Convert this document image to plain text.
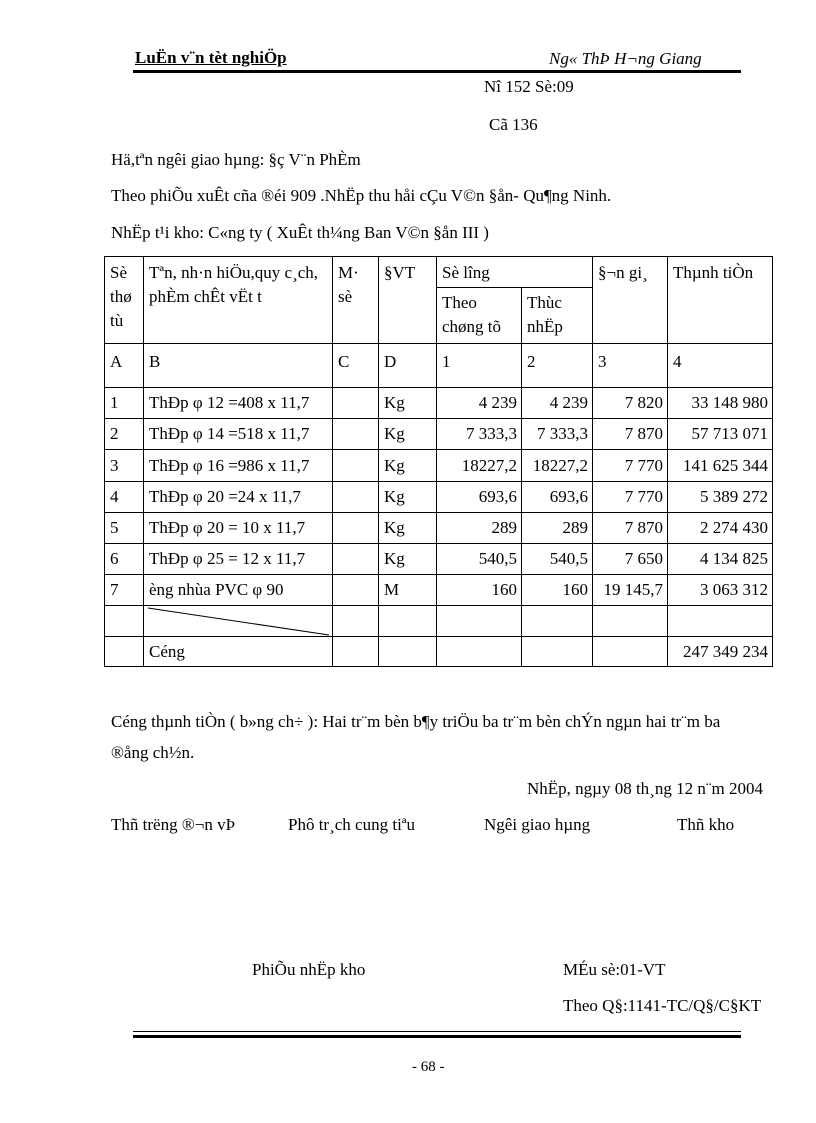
LuËn v¨n tèt nghiÖp	Ng« ThÞ H¬ng Giang
Nî 152 Sè:09
Cã 136
Hä,tªn ngêi giao hµng: §ç V¨n PhÈm
Theo phiÕu xuÊt cña ®éi 909 .NhËp thu håi cÇu V©n §ån- Qu¶ng Ninh.
NhËp t¹i kho: C«ng ty ( XuÊt th¼ng Ban V©n §ån III )
Sè thø tù	Tªn, nh·n hiÖu,quy c¸ch, phÈm chÊt vËt t	M· sè	§VT	Sè lîng		§¬n gi¸	Thµnh tiÒn
				Theo chøng tõ	Thùc nhËp		
A	B	C	D	1	2	3	4
1	ThÐp φ 12 =408 x 11,7		Kg	4 239	4 239	7 820	33 148 980
2	ThÐp φ 14 =518 x 11,7		Kg	7 333,3	7 333,3	7 870	57 713 071
3	ThÐp φ 16 =986 x 11,7		Kg	18227,2	18227,2	7 770	141 625 344
4	ThÐp φ 20 =24 x 11,7		Kg	693,6	693,6	7 770	5 389 272
5	ThÐp φ 20 = 10 x 11,7		Kg	289	289	7 870	2 274 430
6	ThÐp φ 25 = 12 x 11,7		Kg	540,5	540,5	7 650	4 134 825
7	èng nhùa PVC φ 90		M	160	160	19 145,7	3 063 312

	Céng						247 349 234
Céng thµnh tiÒn ( b»ng ch÷ ): Hai tr¨m bèn b¶y triÖu ba tr¨m bèn chÝn ngµn hai tr¨m ba
®ång ch½n.
NhËp, ngµy 08 th¸ng 12 n¨m 2004
Thñ trëng ®¬n vÞ	Phô tr¸ch cung tiªu	Ngêi giao hµng	Thñ kho
PhiÕu nhËp kho	MÉu sè:01-VT
Theo Q§:1141-TC/Q§/C§KT
- 68 -
